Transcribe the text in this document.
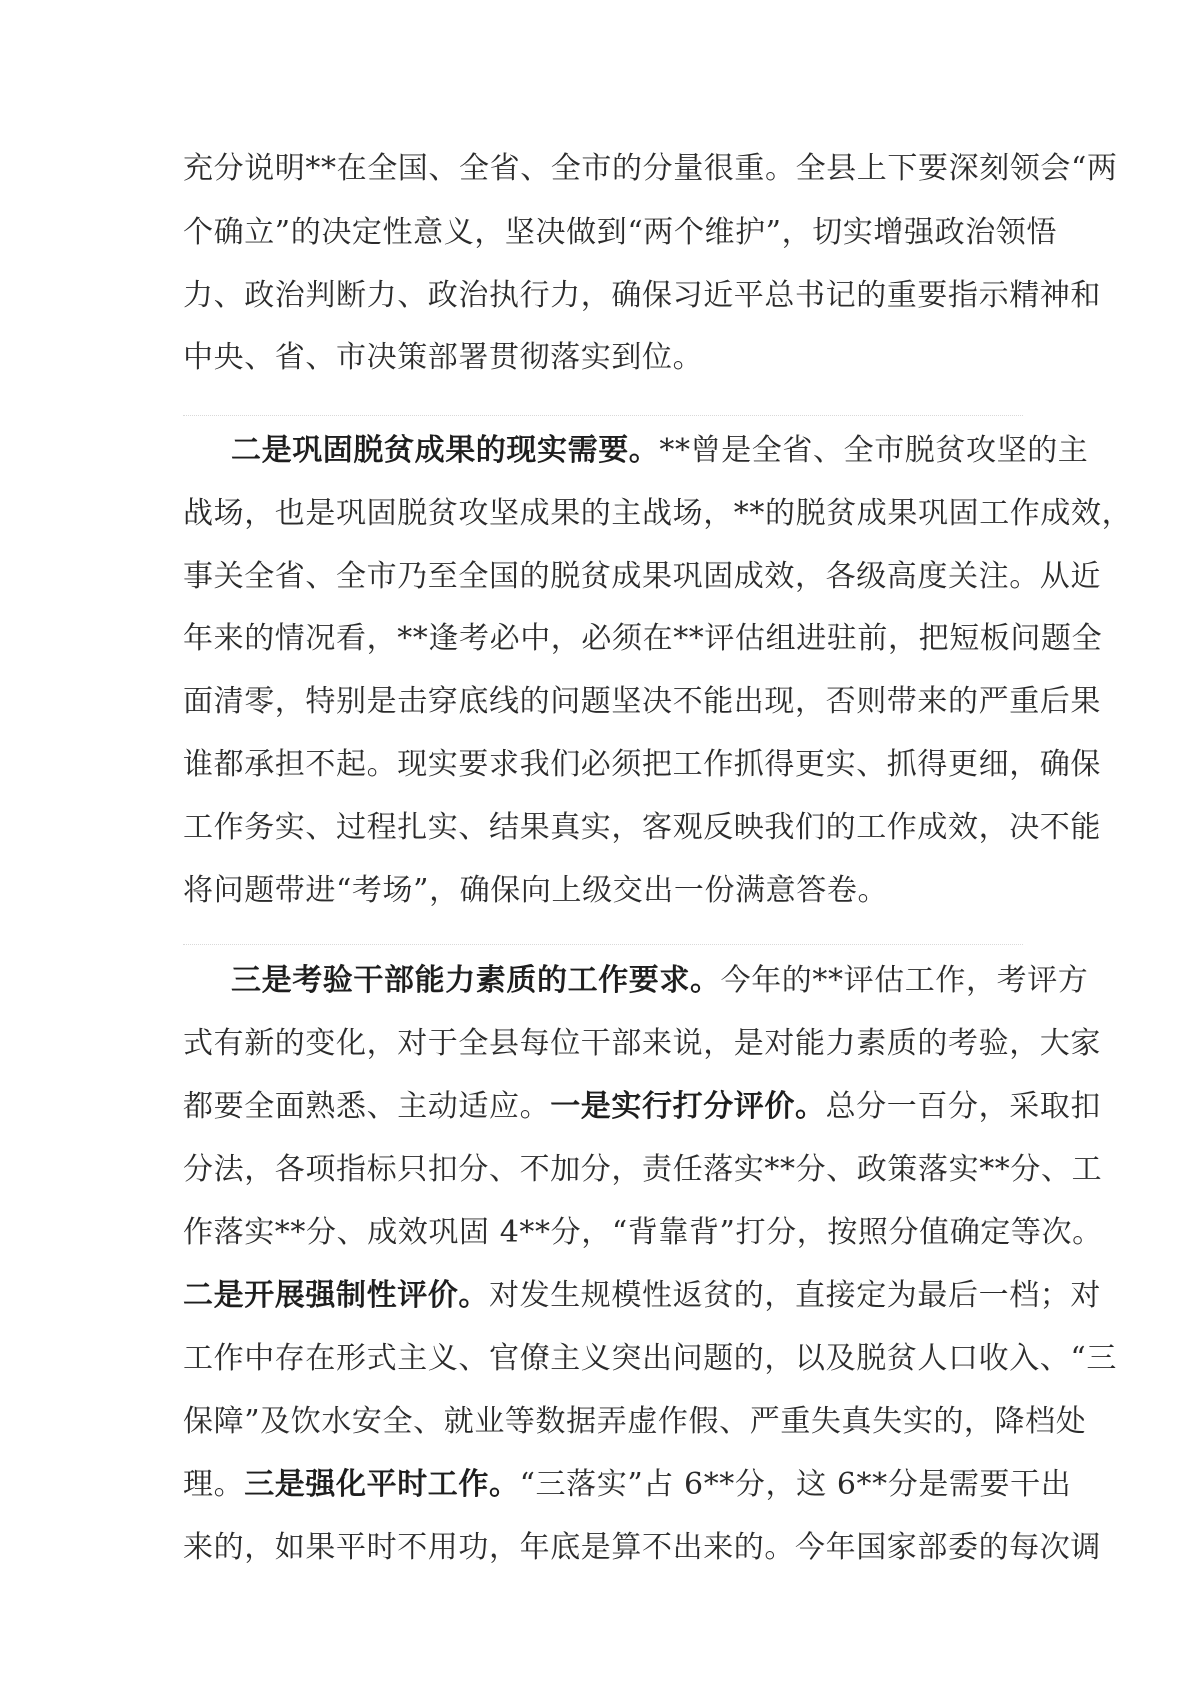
充分说明**在全国、全省、全市的分量很重。全县上下要深刻领会“两
个确立”的决定性意义，坚决做到“两个维护”，切实增强政治领悟
力、政治判断力、政治执行力，确保习近平总书记的重要指示精神和
中央、省、市决策部署贯彻落实到位。
二是巩固脱贫成果的现实需要。**曾是全省、全市脱贫攻坚的主
战场，也是巩固脱贫攻坚成果的主战场，**的脱贫成果巩固工作成效，
事关全省、全市乃至全国的脱贫成果巩固成效，各级高度关注。从近
年来的情况看，**逢考必中，必须在**评估组进驻前，把短板问题全
面清零，特别是击穿底线的问题坚决不能出现，否则带来的严重后果
谁都承担不起。现实要求我们必须把工作抓得更实、抓得更细，确保
工作务实、过程扎实、结果真实，客观反映我们的工作成效，决不能
将问题带进“考场”，确保向上级交出一份满意答卷。
三是考验干部能力素质的工作要求。今年的**评估工作，考评方
式有新的变化，对于全县每位干部来说，是对能力素质的考验，大家
都要全面熟悉、主动适应。一是实行打分评价。总分一百分，采取扣
分法，各项指标只扣分、不加分，责任落实**分、政策落实**分、工
作落实**分、成效巩固 4**分，“背靠背”打分，按照分值确定等次。
二是开展强制性评价。对发生规模性返贫的，直接定为最后一档；对
工作中存在形式主义、官僚主义突出问题的，以及脱贫人口收入、“三
保障”及饮水安全、就业等数据弄虚作假、严重失真失实的，降档处
理。三是强化平时工作。“三落实”占 6**分，这 6**分是需要干出
来的，如果平时不用功，年底是算不出来的。今年国家部委的每次调
